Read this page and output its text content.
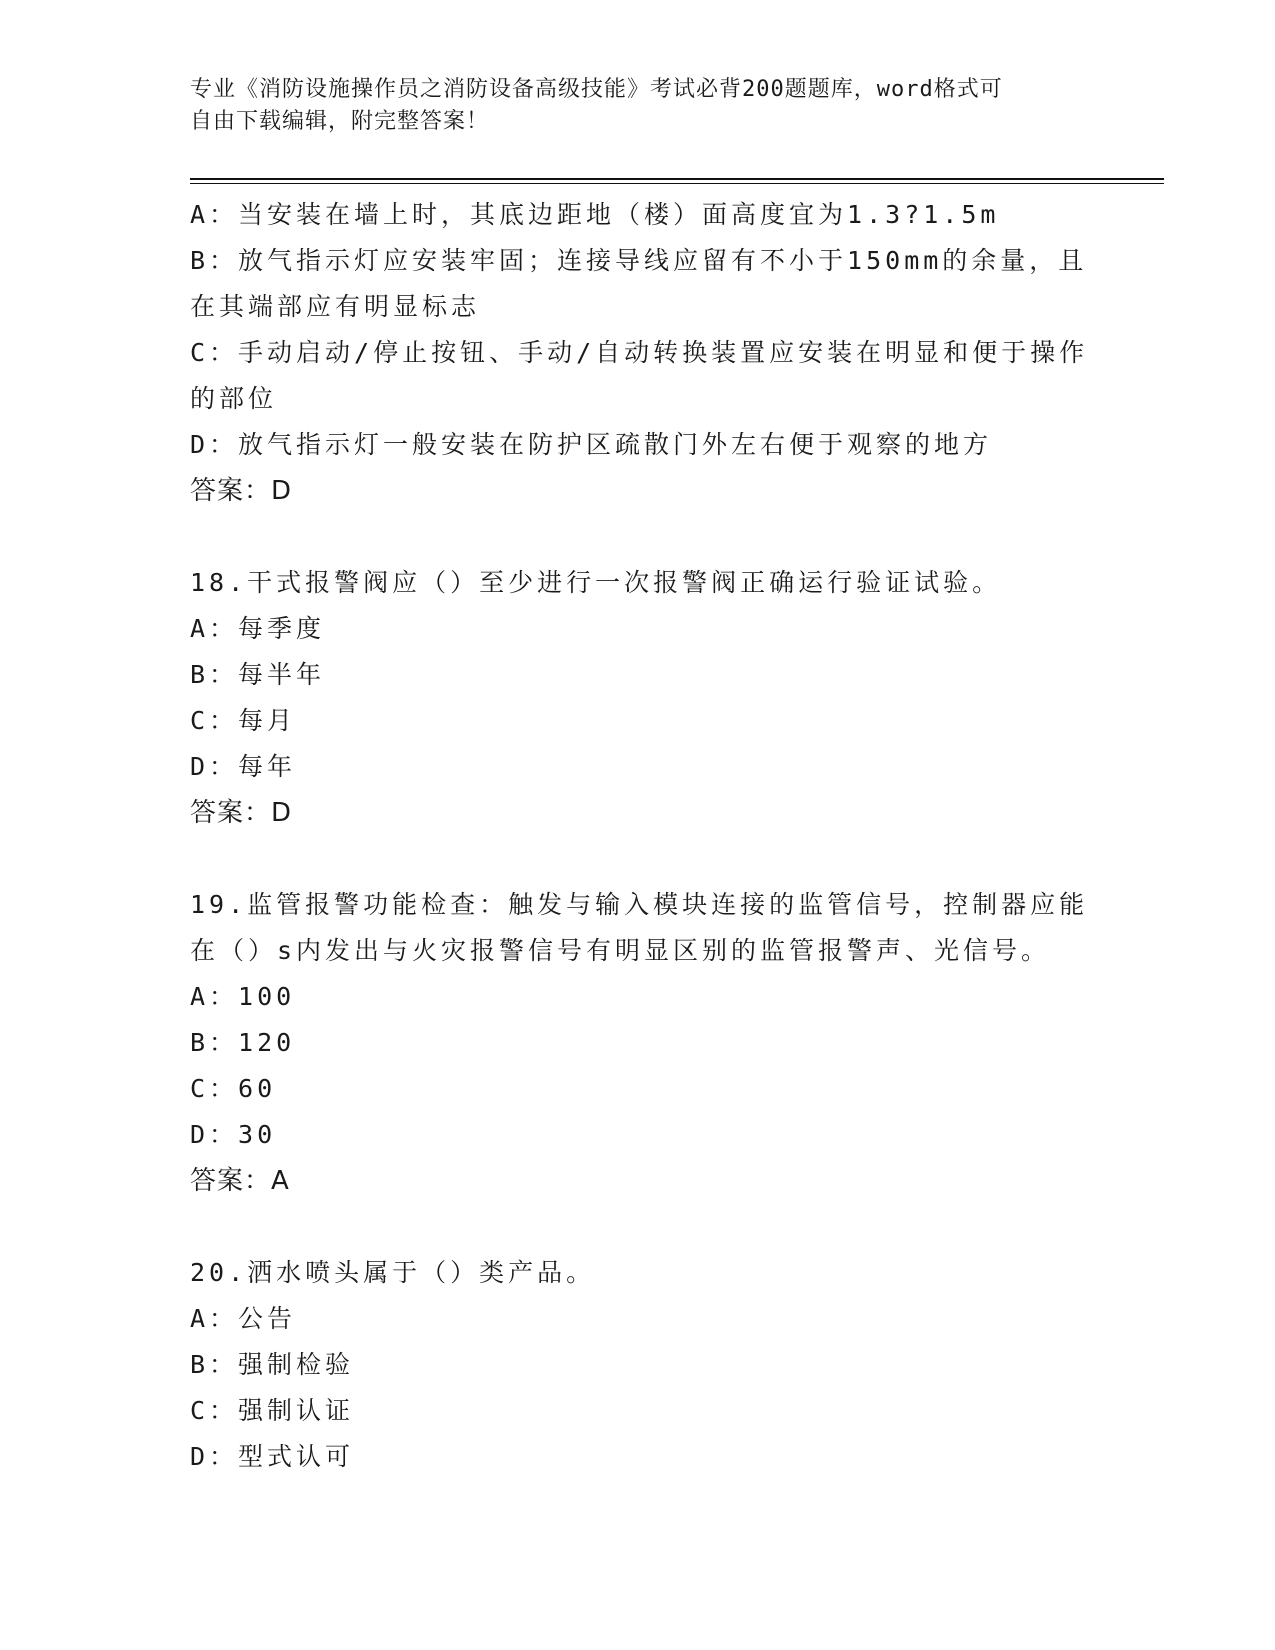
专业《消防设施操作员之消防设备高级技能》考试必背200题题库，word格式可
自由下载编辑，附完整答案！
A：当安装在墙上时，其底边距地（楼）面高度宜为1.3?1.5m
B：放气指示灯应安装牢固；连接导线应留有不小于150mm的余量，且
在其端部应有明显标志
C：手动启动/停止按钮、手动/自动转换装置应安装在明显和便于操作
的部位
D：放气指示灯一般安装在防护区疏散门外左右便于观察的地方
答案：D
18.干式报警阀应（）至少进行一次报警阀正确运行验证试验。
A：每季度
B：每半年
C：每月
D：每年
答案：D
19.监管报警功能检查：触发与输入模块连接的监管信号，控制器应能
在（）s内发出与火灾报警信号有明显区别的监管报警声、光信号。
A：100
B：120
C：60
D：30
答案：A
20.洒水喷头属于（）类产品。
A：公告
B：强制检验
C：强制认证
D：型式认可
